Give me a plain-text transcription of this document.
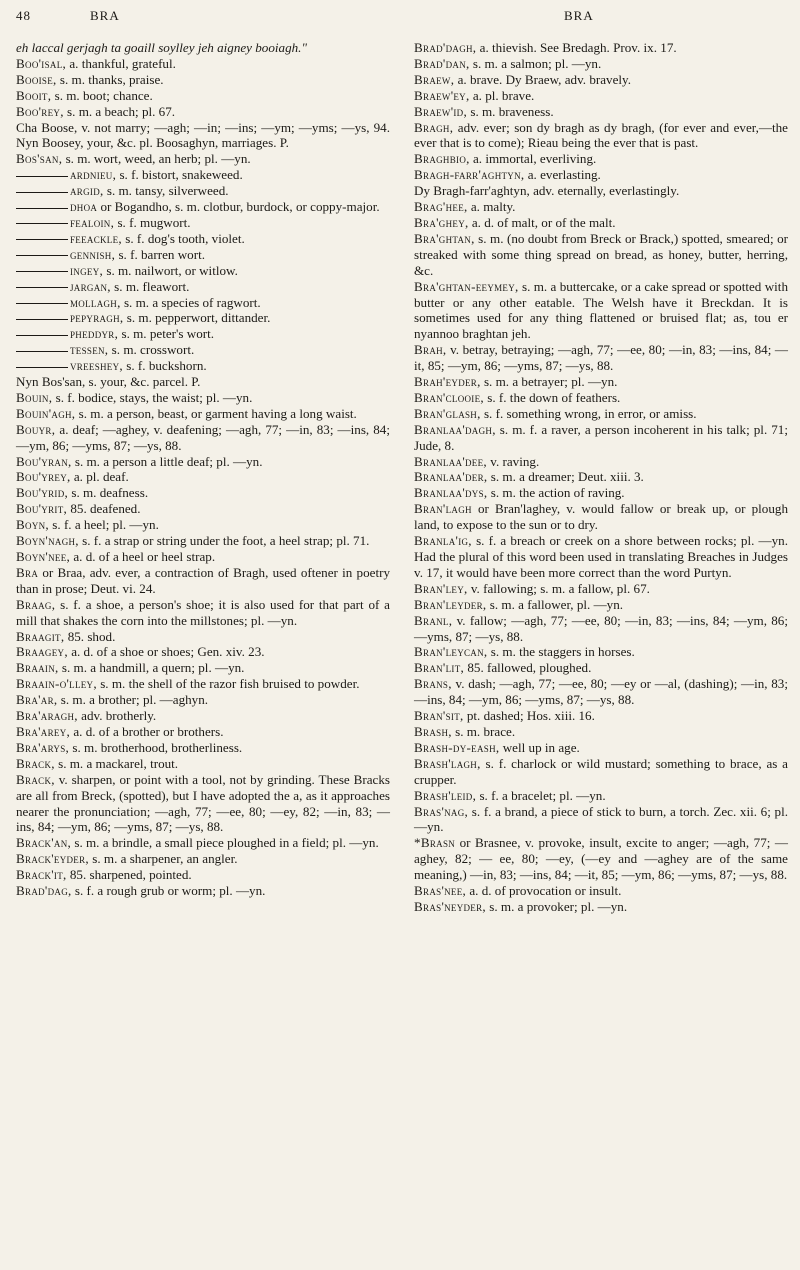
48	BRA	BRA

eh laccal gerjagh ta goaill soylley jeh aigney booiagh."

Boo'isal, a. thankful, grateful.

Booise, s. m. thanks, praise.

Booit, s. m. boot; chance.

Boo'rey, s. m. a beach; pl. 67.

Cha Boose, v. not marry; —agh; —in; —ins; —ym; —yms; —ys, 94. Nyn Boosey, your, &c. pl. Boosaghyn, marriages. P.

Bos'san, s. m. wort, weed, an herb; pl. —yn.

ardnieu, s. f. bistort, snakeweed.

argid, s. m. tansy, silverweed.

dhoa or Bogandho, s. m. clotbur, burdock, or coppy-major.

fealoin, s. f. mugwort.

feeackle, s. f. dog's tooth, violet.

gennish, s. f. barren wort.

ingey, s. m. nailwort, or witlow.

jargan, s. m. fleawort.

mollagh, s. m. a species of ragwort.

pepyragh, s. m. pepperwort, dittander.

pheddyr, s. m. peter's wort.

tessen, s. m. crosswort.

vreeshey, s. f. buckshorn.

Nyn Bos'san, s. your, &c. parcel. P.

Bouin, s. f. bodice, stays, the waist; pl. —yn.

Bouin'agh, s. m. a person, beast, or garment having a long waist.

Bouyr, a. deaf; —aghey, v. deafening; —agh, 77; —in, 83; —ins, 84; —ym, 86; —yms, 87; —ys, 88.

Bou'yran, s. m. a person a little deaf; pl. —yn.

Bou'yrey, a. pl. deaf.

Bou'yrid, s. m. deafness.

Bou'yrit, 85. deafened.

Boyn, s. f. a heel; pl. —yn.

Boyn'nagh, s. f. a strap or string under the foot, a heel strap; pl. 71.

Boyn'nee, a. d. of a heel or heel strap.

Bra or Braa, adv. ever, a contraction of Bragh, used oftener in poetry than in prose; Deut. vi. 24.

Braag, s. f. a shoe, a person's shoe; it is also used for that part of a mill that shakes the corn into the millstones; pl. —yn.

Braagit, 85. shod.

Braagey, a. d. of a shoe or shoes; Gen. xiv. 23.

Braain, s. m. a handmill, a quern; pl. —yn.

Braain-o'lley, s. m. the shell of the razor fish bruised to powder.

Bra'ar, s. m. a brother; pl. —aghyn.

Bra'aragh, adv. brotherly.

Bra'arey, a. d. of a brother or brothers.

Bra'arys, s. m. brotherhood, brotherliness.

Brack, s. m. a mackarel, trout.

Brack, v. sharpen, or point with a tool, not by grinding. These Bracks are all from Breck, (spotted), but I have adopted the a, as it approaches nearer the pronunciation; —agh, 77; —ee, 80; —ey, 82; —in, 83; —ins, 84; —ym, 86; —yms, 87; —ys, 88.

Brack'an, s. m. a brindle, a small piece ploughed in a field; pl. —yn.

Brack'eyder, s. m. a sharpener, an angler.

Brack'it, 85. sharpened, pointed.

Brad'dag, s. f. a rough grub or worm; pl. —yn.

Brad'dagh, a. thievish. See Bredagh. Prov. ix. 17.

Brad'dan, s. m. a salmon; pl. —yn.

Braew, a. brave. Dy Braew, adv. bravely.

Braew'ey, a. pl. brave.

Braew'id, s. m. braveness.

Bragh, adv. ever; son dy bragh as dy bragh, (for ever and ever,—the ever that is to come); Rieau being the ever that is past.

Braghbio, a. immortal, everliving.

Bragh-farr'aghtyn, a. everlasting.

Dy Bragh-farr'aghtyn, adv. eternally, everlastingly.

Brag'hee, a. malty.

Bra'ghey, a. d. of malt, or of the malt.

Bra'ghtan, s. m. (no doubt from Breck or Brack,) spotted, smeared; or streaked with some thing spread on bread, as honey, butter, herring, &c.

Bra'ghtan-eeymey, s. m. a buttercake, or a cake spread or spotted with butter or any other eatable. The Welsh have it Breckdan. It is sometimes used for any thing flattened or bruised flat; as, tou er nyannoo braghtan jeh.

Brah, v. betray, betraying; —agh, 77; —ee, 80; —in, 83; —ins, 84; —it, 85; —ym, 86; —yms, 87; —ys, 88.

Brah'eyder, s. m. a betrayer; pl. —yn.

Bran'clooie, s. f. the down of feathers.

Bran'glash, s. f. something wrong, in error, or amiss.

Branlaa'dagh, s. m. f. a raver, a person incoherent in his talk; pl. 71; Jude, 8.

Branlaa'dee, v. raving.

Branlaa'der, s. m. a dreamer; Deut. xiii. 3.

Branlaa'dys, s. m. the action of raving.

Bran'lagh or Bran'laghey, v. would fallow or break up, or plough land, to expose to the sun or to dry.

Branla'ig, s. f. a breach or creek on a shore between rocks; pl. —yn. Had the plural of this word been used in translating Breaches in Judges v. 17, it would have been more correct than the word Purtyn.

Bran'ley, v. fallowing; s. m. a fallow, pl. 67.

Bran'leyder, s. m. a fallower, pl. —yn.

Branl, v. fallow; —agh, 77; —ee, 80; —in, 83; —ins, 84; —ym, 86; —yms, 87; —ys, 88.

Bran'leycan, s. m. the staggers in horses.

Bran'lit, 85. fallowed, ploughed.

Brans, v. dash; —agh, 77; —ee, 80; —ey or —al, (dashing); —in, 83; —ins, 84; —ym, 86; —yms, 87; —ys, 88.

Bran'sit, pt. dashed; Hos. xiii. 16.

Brash, s. m. brace.

Brash-dy-eash, well up in age.

Brash'lagh, s. f. charlock or wild mustard; something to brace, as a crupper.

Brash'leid, s. f. a bracelet; pl. —yn.

Bras'nag, s. f. a brand, a piece of stick to burn, a torch. Zec. xii. 6; pl. —yn.

*Brasn or Brasnee, v. provoke, insult, excite to anger; —agh, 77; —aghey, 82; — ee, 80; —ey, (—ey and —aghey are of the same meaning,) —in, 83; —ins, 84; —it, 85; —ym, 86; —yms, 87; —ys, 88.

Bras'nee, a. d. of provocation or insult.

Bras'neyder, s. m. a provoker; pl. —yn.
